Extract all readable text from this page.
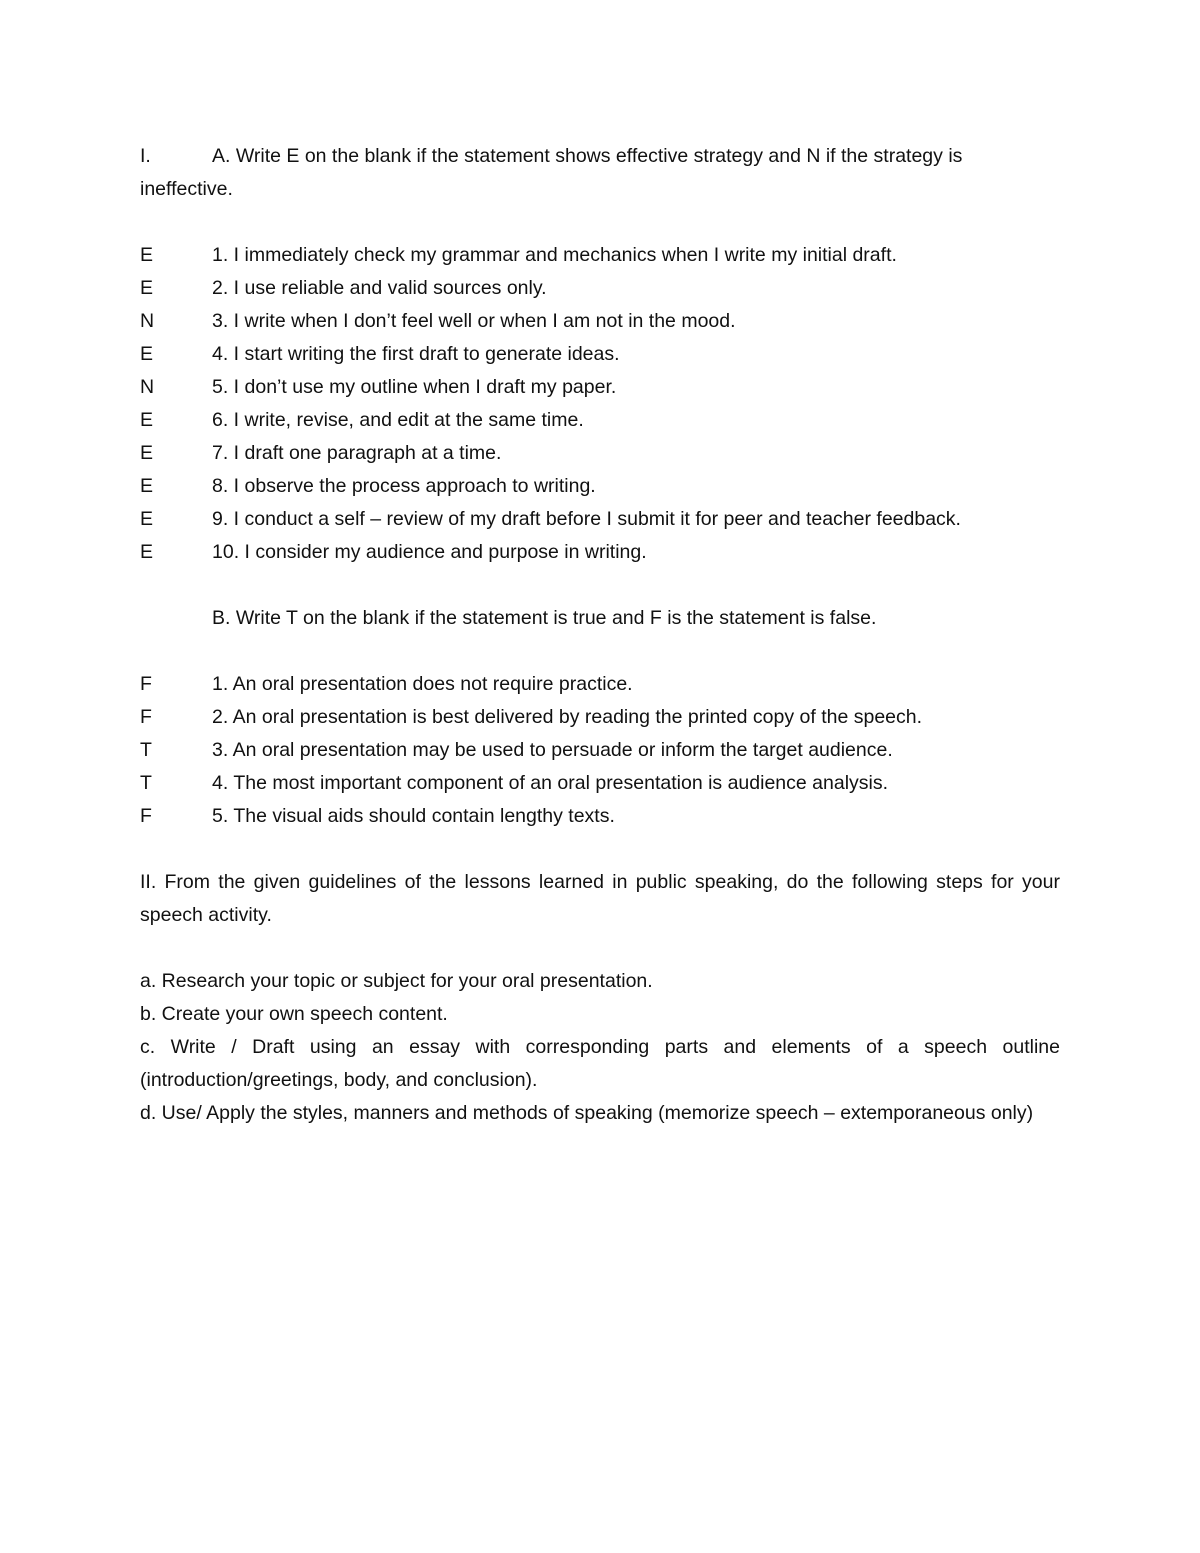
I.	A. Write E on the blank if the statement shows effective strategy and N if the strategy is
ineffective.
E	1. I immediately check my grammar and mechanics when I write my initial draft.
E	2. I use reliable and valid sources only.
N	3. I write when I don’t feel well or when I am not in the mood.
E	4. I start writing the first draft to generate ideas.
N	5. I don’t use my outline when I draft my paper.
E	6. I write, revise, and edit at the same time.
E	7. I draft one paragraph at a time.
E	8. I observe the process approach to writing.
E	9. I conduct a self – review of my draft before I submit it for peer and teacher feedback.
E	10. I consider my audience and purpose in writing.
B. Write T on the blank if the statement is true and F is the statement is false.
F	1. An oral presentation does not require practice.
F	2. An oral presentation is best delivered by reading the printed copy of the speech.
T	3. An oral presentation may be used to persuade or inform the target audience.
T	4. The most important component of an oral presentation is audience analysis.
F	5. The visual aids should contain lengthy texts.
II. From the given guidelines of the lessons learned in public speaking, do the following steps for your speech activity.
a. Research your topic or subject for your oral presentation.
b. Create your own speech content.
c. Write / Draft using an essay with corresponding parts and elements of a speech outline (introduction/greetings, body, and conclusion).
d. Use/ Apply the styles, manners and methods of speaking (memorize speech – extemporaneous only)
